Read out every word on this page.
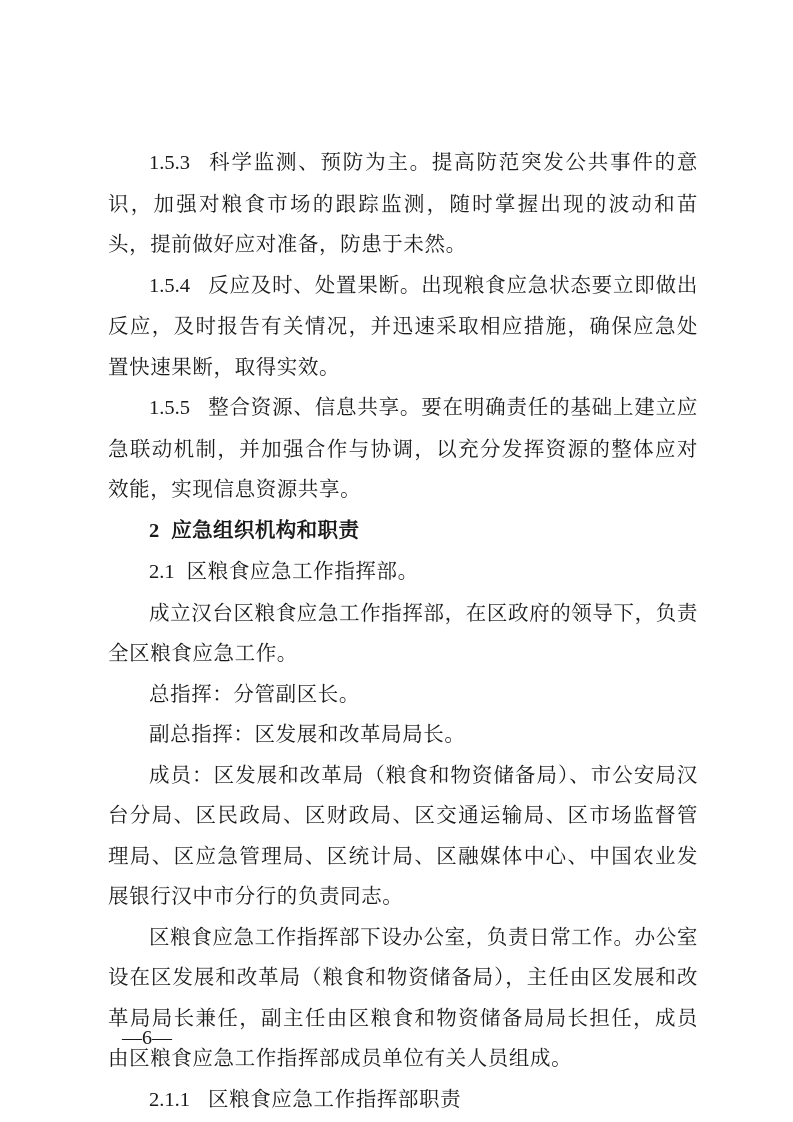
1.5.3 科学监测、预防为主。提高防范突发公共事件的意识，加强对粮食市场的跟踪监测，随时掌握出现的波动和苗头，提前做好应对准备，防患于未然。

1.5.4 反应及时、处置果断。出现粮食应急状态要立即做出反应，及时报告有关情况，并迅速采取相应措施，确保应急处置快速果断，取得实效。

1.5.5 整合资源、信息共享。要在明确责任的基础上建立应急联动机制，并加强合作与协调，以充分发挥资源的整体应对效能，实现信息资源共享。

2 应急组织机构和职责

2.1 区粮食应急工作指挥部。

成立汉台区粮食应急工作指挥部，在区政府的领导下，负责全区粮食应急工作。

总指挥：分管副区长。

副总指挥：区发展和改革局局长。

成员：区发展和改革局（粮食和物资储备局）、市公安局汉台分局、区民政局、区财政局、区交通运输局、区市场监督管理局、区应急管理局、区统计局、区融媒体中心、中国农业发展银行汉中市分行的负责同志。

区粮食应急工作指挥部下设办公室，负责日常工作。办公室设在区发展和改革局（粮食和物资储备局），主任由区发展和改革局局长兼任，副主任由区粮食和物资储备局局长担任，成员由区粮食应急工作指挥部成员单位有关人员组成。

2.1.1 区粮食应急工作指挥部职责

—6—
